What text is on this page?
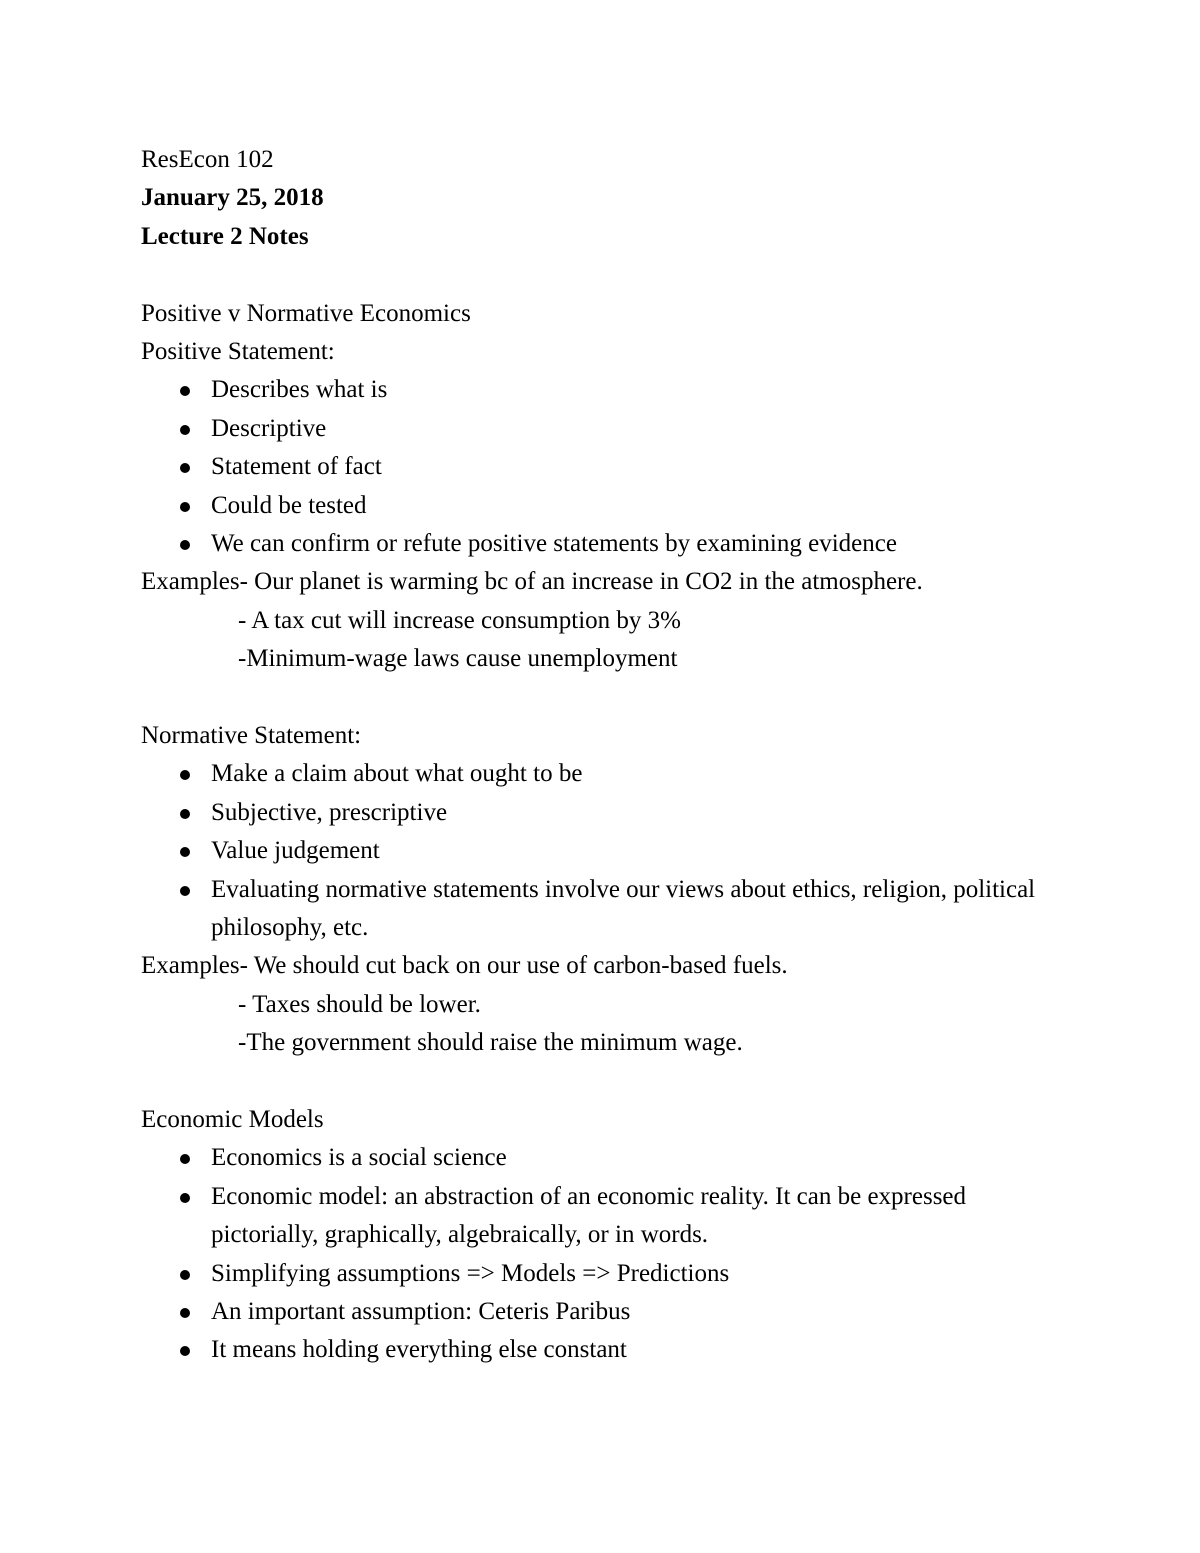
ResEcon 102
January 25, 2018
Lecture 2 Notes
Positive v Normative Economics
Positive Statement:
Describes what is
Descriptive
Statement of fact
Could be tested
We can confirm or refute positive statements by examining evidence
Examples- Our planet is warming bc of an increase in CO2 in the atmosphere.
- A tax cut will increase consumption by 3%
-Minimum-wage laws cause unemployment
Normative Statement:
Make a claim about what ought to be
Subjective, prescriptive
Value judgement
Evaluating normative statements involve our views about ethics, religion, political philosophy, etc.
Examples- We should cut back on our use of carbon-based fuels.
- Taxes should be lower.
-The government should raise the minimum wage.
Economic Models
Economics is a social science
Economic model: an abstraction of an economic reality. It can be expressed pictorially, graphically, algebraically, or in words.
Simplifying assumptions => Models => Predictions
An important assumption: Ceteris Paribus
It means holding everything else constant
